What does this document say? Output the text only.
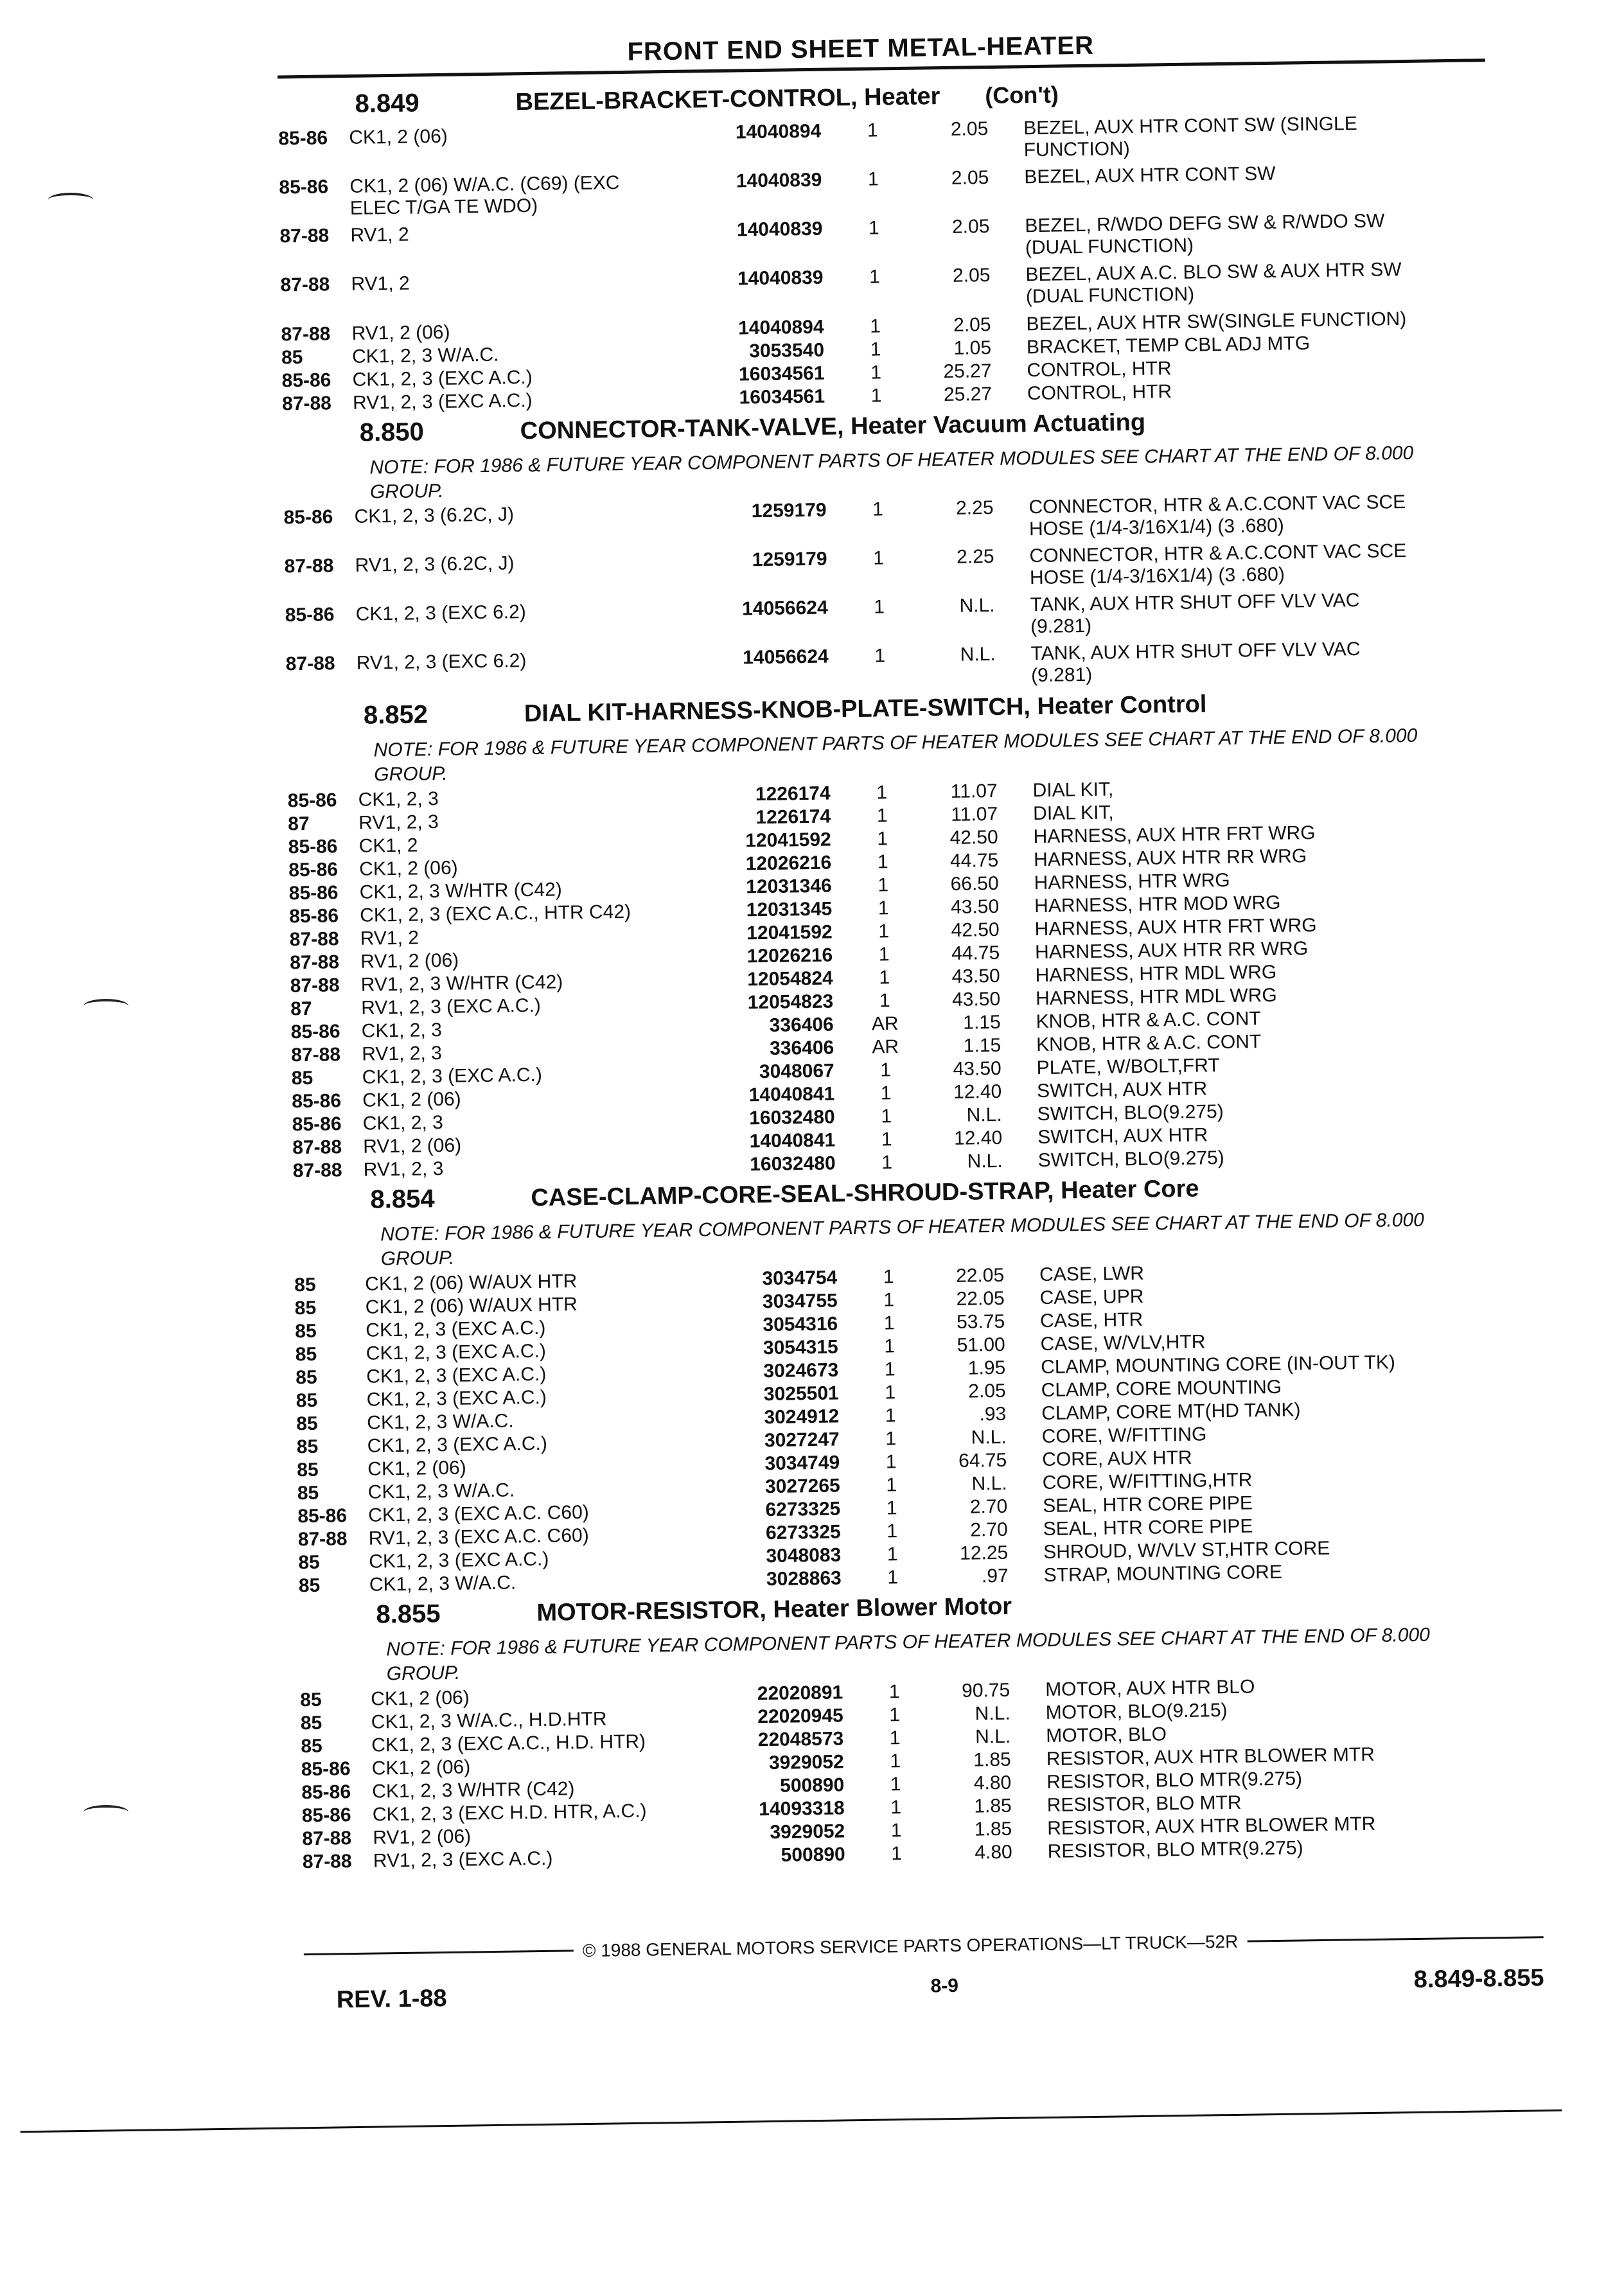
FRONT END SHEET METAL-HEATER
8.849	BEZEL-BRACKET-CONTROL, Heater (Con't)
85-86	CK1, 2 (06)	14040894	1	2.05	BEZEL, AUX HTR CONT SW (SINGLE
FUNCTION)
85-86	CK1, 2 (06) W/A.C. (C69) (EXC
ELEC T/GA TE WDO)
14040839	1	2.05	BEZEL, AUX HTR CONT SW
87-88	RV1, 2	14040839	1	2.05	BEZEL, R/WDO DEFG SW & R/WDO SW
(DUAL FUNCTION)
87-88	RV1, 2	14040839	1	2.05	BEZEL, AUX A.C. BLO SW & AUX HTR SW
(DUAL FUNCTION)
87-88	RV1, 2 (06)	14040894	1	2.05	BEZEL, AUX HTR SW(SINGLE FUNCTION)
85	CK1, 2, 3 W/A.C.	3053540	1	1.05	BRACKET, TEMP CBL ADJ MTG
85-86	CK1, 2, 3 (EXC A.C.)	16034561	1	25.27	CONTROL, HTR
87-88	RV1, 2, 3 (EXC A.C.)	16034561	1	25.27	CONTROL, HTR
8.850	CONNECTOR-TANK-VALVE, Heater Vacuum Actuating
NOTE: FOR 1986 & FUTURE YEAR COMPONENT PARTS OF HEATER MODULES SEE CHART AT THE END OF 8.000 GROUP.
85-86	CK1, 2, 3 (6.2C, J)	1259179	1	2.25	CONNECTOR, HTR & A.C.CONT VAC SCE
HOSE (1/4-3/16X1/4) (3 .680)
87-88	RV1, 2, 3 (6.2C, J)	1259179	1	2.25	CONNECTOR, HTR & A.C.CONT VAC SCE
HOSE (1/4-3/16X1/4) (3 .680)
85-86	CK1, 2, 3 (EXC 6.2)	14056624	1	N.L.	TANK, AUX HTR SHUT OFF VLV VAC
(9.281)
87-88	RV1, 2, 3 (EXC 6.2)	14056624	1	N.L.	TANK, AUX HTR SHUT OFF VLV VAC
(9.281)
8.852	DIAL KIT-HARNESS-KNOB-PLATE-SWITCH, Heater Control
NOTE: FOR 1986 & FUTURE YEAR COMPONENT PARTS OF HEATER MODULES SEE CHART AT THE END OF 8.000 GROUP.
85-86	CK1, 2, 3	1226174	1	11.07	DIAL KIT,
87	RV1, 2, 3	1226174	1	11.07	DIAL KIT,
85-86	CK1, 2	12041592	1	42.50	HARNESS, AUX HTR FRT WRG
85-86	CK1, 2 (06)	12026216	1	44.75	HARNESS, AUX HTR RR WRG
85-86	CK1, 2, 3 W/HTR (C42)	12031346	1	66.50	HARNESS, HTR WRG
85-86	CK1, 2, 3 (EXC A.C., HTR C42)	12031345	1	43.50	HARNESS, HTR MOD WRG
87-88	RV1, 2	12041592	1	42.50	HARNESS, AUX HTR FRT WRG
87-88	RV1, 2 (06)	12026216	1	44.75	HARNESS, AUX HTR RR WRG
87-88	RV1, 2, 3 W/HTR (C42)	12054824	1	43.50	HARNESS, HTR MDL WRG
87	RV1, 2, 3 (EXC A.C.)	12054823	1	43.50	HARNESS, HTR MDL WRG
85-86	CK1, 2, 3	336406	AR	1.15	KNOB, HTR & A.C. CONT
87-88	RV1, 2, 3	336406	AR	1.15	KNOB, HTR & A.C. CONT
85	CK1, 2, 3 (EXC A.C.)	3048067	1	43.50	PLATE, W/BOLT,FRT
85-86	CK1, 2 (06)	14040841	1	12.40	SWITCH, AUX HTR
85-86	CK1, 2, 3	16032480	1	N.L.	SWITCH, BLO(9.275)
87-88	RV1, 2 (06)	14040841	1	12.40	SWITCH, AUX HTR
87-88	RV1, 2, 3	16032480	1	N.L.	SWITCH, BLO(9.275)
8.854	CASE-CLAMP-CORE-SEAL-SHROUD-STRAP, Heater Core
NOTE: FOR 1986 & FUTURE YEAR COMPONENT PARTS OF HEATER MODULES SEE CHART AT THE END OF 8.000 GROUP.
85	CK1, 2 (06) W/AUX HTR	3034754	1	22.05	CASE, LWR
85	CK1, 2 (06) W/AUX HTR	3034755	1	22.05	CASE, UPR
85	CK1, 2, 3 (EXC A.C.)	3054316	1	53.75	CASE, HTR
85	CK1, 2, 3 (EXC A.C.)	3054315	1	51.00	CASE, W/VLV,HTR
85	CK1, 2, 3 (EXC A.C.)	3024673	1	1.95	CLAMP, MOUNTING CORE (IN-OUT TK)
85	CK1, 2, 3 (EXC A.C.)	3025501	1	2.05	CLAMP, CORE MOUNTING
85	CK1, 2, 3 W/A.C.	3024912	1	.93	CLAMP, CORE MT(HD TANK)
85	CK1, 2, 3 (EXC A.C.)	3027247	1	N.L.	CORE, W/FITTING
85	CK1, 2 (06)	3034749	1	64.75	CORE, AUX HTR
85	CK1, 2, 3 W/A.C.	3027265	1	N.L.	CORE, W/FITTING,HTR
85-86	CK1, 2, 3 (EXC A.C. C60)	6273325	1	2.70	SEAL, HTR CORE PIPE
87-88	RV1, 2, 3 (EXC A.C. C60)	6273325	1	2.70	SEAL, HTR CORE PIPE
85	CK1, 2, 3 (EXC A.C.)	3048083	1	12.25	SHROUD, W/VLV ST,HTR CORE
85	CK1, 2, 3 W/A.C.	3028863	1	.97	STRAP, MOUNTING CORE
8.855	MOTOR-RESISTOR, Heater Blower Motor
NOTE: FOR 1986 & FUTURE YEAR COMPONENT PARTS OF HEATER MODULES SEE CHART AT THE END OF 8.000 GROUP.
85	CK1, 2 (06)	22020891	1	90.75	MOTOR, AUX HTR BLO
85	CK1, 2, 3 W/A.C., H.D.HTR	22020945	1	N.L.	MOTOR, BLO(9.215)
85	CK1, 2, 3 (EXC A.C., H.D. HTR)	22048573	1	N.L.	MOTOR, BLO
85-86	CK1, 2 (06)	3929052	1	1.85	RESISTOR, AUX HTR BLOWER MTR
85-86	CK1, 2, 3 W/HTR (C42)	500890	1	4.80	RESISTOR, BLO MTR(9.275)
85-86	CK1, 2, 3 (EXC H.D. HTR, A.C.)	14093318	1	1.85	RESISTOR, BLO MTR
87-88	RV1, 2 (06)	3929052	1	1.85	RESISTOR, AUX HTR BLOWER MTR
87-88	RV1, 2, 3 (EXC A.C.)	500890	1	4.80	RESISTOR, BLO MTR(9.275)
© 1988 GENERAL MOTORS SERVICE PARTS OPERATIONS—LT TRUCK—52R
REV. 1-88	8-9	8.849-8.855
